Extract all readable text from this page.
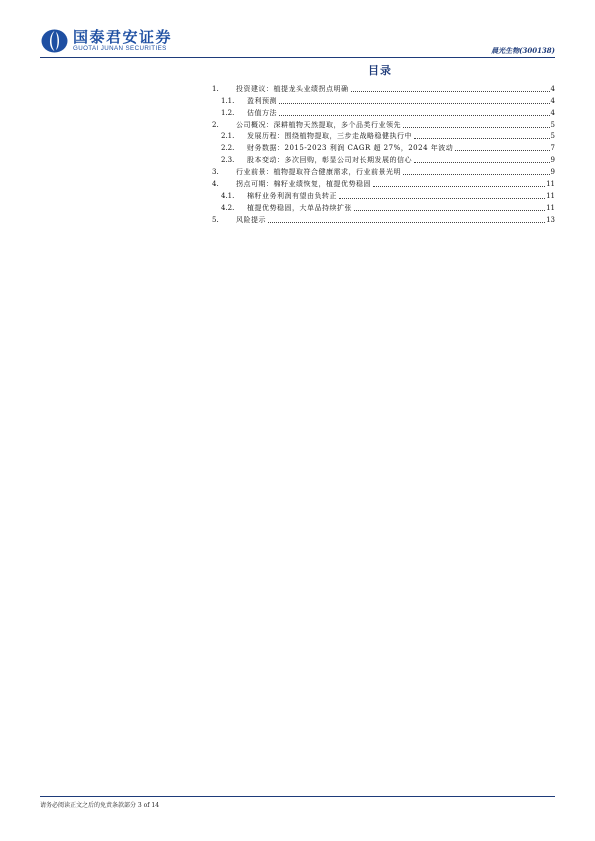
国泰君安证券
GUOTAI JUNAN SECURITIES	晨光生物(300138)
目录
1.	投资建议：植提龙头业绩拐点明确	4
1.1.	盈利预测	4
1.2.	估值方法	4
2.	公司概况：深耕植物天然提取，多个品类行业领先	5
2.1.	发展历程：围绕植物提取，三步走战略稳健执行中	5
2.2.	财务数据：2015-2023 利润 CAGR 超 27%，2024 年波动	7
2.3.	股本变动：多次回购，彰显公司对长期发展的信心	9
3.	行业前景：植物提取符合健康需求，行业前景光明	9
4.	拐点可期：棉籽业绩恢复，植提优势稳固	11
4.1.	棉籽业务利润有望由负转正	11
4.2.	植提优势稳固，大单品持续扩张	11
5.	风险提示	13
请务必阅读正文之后的免责条款部分 3 of 14
